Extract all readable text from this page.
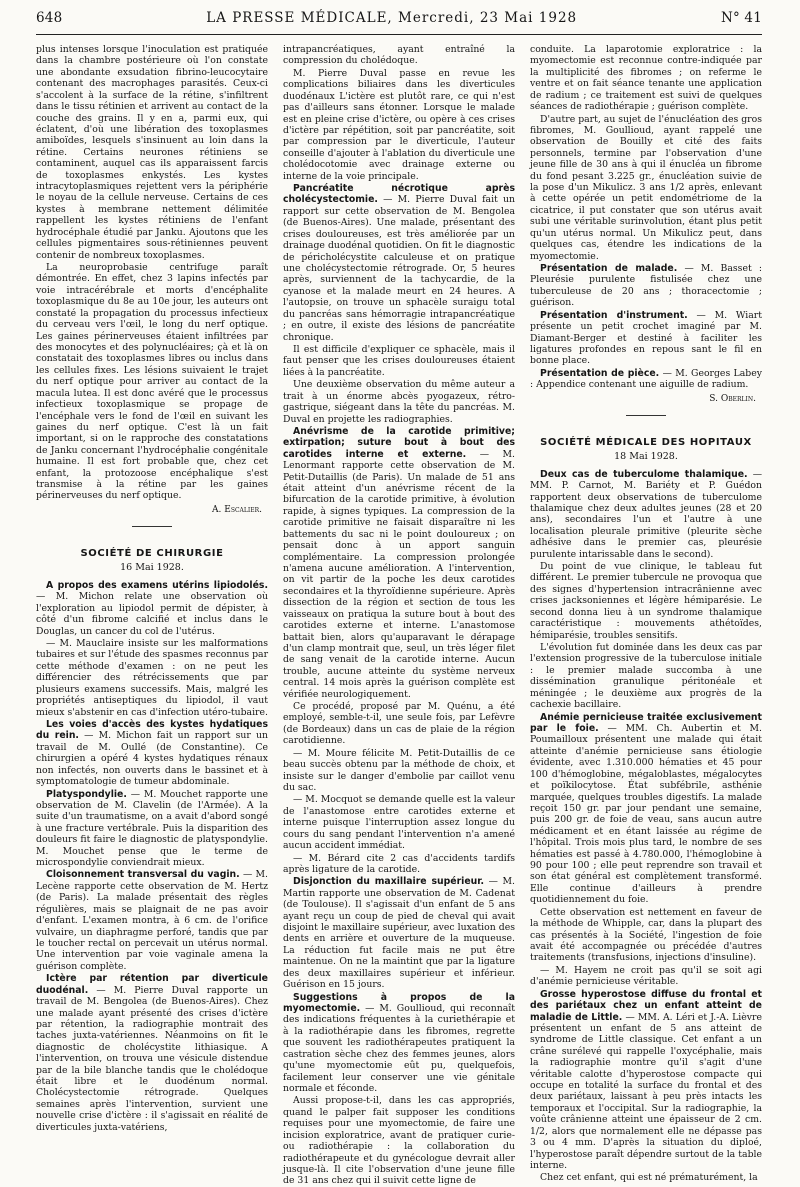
648	LA PRESSE MÉDICALE, Mercredi, 23 Mai 1928	N° 41

plus intenses lorsque l'inoculation est pratiquée dans la chambre postérieure où l'on constate une abondante exsudation fibrino-leucocytaire contenant des macrophages parasités. Ceux-ci s'accolent à la surface de la rétine, s'infiltrent dans le tissu rétinien et arrivent au contact de la couche des grains. Il y en a, parmi eux, qui éclatent, d'où une libération des toxoplasmes amiboïdes, lesquels s'insinuent au loin dans la rétine. Certains neurones rétiniens se contaminent, auquel cas ils apparaissent farcis de toxoplasmes enkystés. Les kystes intracytoplasmiques rejettent vers la périphérie le noyau de la cellule nerveuse. Certains de ces kystes à membrane nettement délimitée rappellent les kystes rétiniens de l'enfant hydrocéphale étudié par Janku. Ajoutons que les cellules pigmentaires sous-rétiniennes peuvent contenir de nombreux toxoplasmes.

La neuroprobasie centrifuge paraît démontrée. En effet, chez 3 lapins infectés par voie intracérébrale et morts d'encéphalite toxoplasmique du 8e au 10e jour, les auteurs ont constaté la propagation du processus infectieux du cerveau vers l'œil, le long du nerf optique. Les gaines périnerveuses étaient infiltrées par des monocytes et des polynucléaires; çà et là on constatait des toxoplasmes libres ou inclus dans les cellules fixes. Les lésions suivaient le trajet du nerf optique pour arriver au contact de la macula lutea. Il est donc avéré que le processus infectieux toxoplasmique se propage de l'encéphale vers le fond de l'œil en suivant les gaines du nerf optique. C'est là un fait important, si on le rapproche des constatations de Janku concernant l'hydrocéphalie congénitale humaine. Il est fort probable que, chez cet enfant, la protozoose encéphalique s'est transmise à la rétine par les gaines périnerveuses du nerf optique.

A. Escalier.
SOCIÉTÉ DE CHIRURGIE
16 Mai 1928.

A propos des examens utérins lipiodolés. — M. Michon relate une observation où l'exploration au lipiodol permit de dépister, à côté d'un fibrome calcifié et inclus dans le Douglas, un cancer du col de l'utérus.

— M. Mauclaire insiste sur les malformations tubaires et sur l'étude des spasmes reconnus par cette méthode d'examen : on ne peut les différencier des rétrécissements que par plusieurs examens successifs. Mais, malgré les propriétés antiseptiques du lipiodol, il vaut mieux s'abstenir en cas d'infection utéro-tubaire.

Les voies d'accès des kystes hydatiques du rein. — M. Michon fait un rapport sur un travail de M. Oullé (de Constantine). Ce chirurgien a opéré 4 kystes hydatiques rénaux non infectés, non ouverts dans le bassinet et à symptomatologie de tumeur abdominale.

Platyspondylie. — M. Mouchet rapporte une observation de M. Clavelin (de l'Armée). A la suite d'un traumatisme, on a avait d'abord songé à une fracture vertébrale. Puis la disparition des douleurs fit faire le diagnostic de platyspondylie. M. Mouchet pense que le terme de microspondylie conviendrait mieux.

Cloisonnement transversal du vagin. — M. Lecène rapporte cette observation de M. Hertz (de Paris). La malade présentait des règles régulières, mais se plaignait de ne pas avoir d'enfant. L'examen montra, à 6 cm. de l'orifice vulvaire, un diaphragme perforé, tandis que par le toucher rectal on percevait un utérus normal. Une intervention par voie vaginale amena la guérison complète.

Ictère par rétention par diverticule duodénal. — M. Pierre Duval rapporte un travail de M. Bengolea (de Buenos-Aires). Chez une malade ayant présenté des crises d'ictère par rétention, la radiographie montrait des taches juxta-vatériennes. Néanmoins on fit le diagnostic de cholécystite lithiasique. A l'intervention, on trouva une vésicule distendue par de la bile blanche tandis que le cholédoque était libre et le duodénum normal. Cholécystectomie rétrograde. Quelques semaines après l'intervention, survient une nouvelle crise d'ictère : il s'agissait en réalité de diverticules juxta-vatériens,

intrapancréatiques, ayant entraîné la compression du cholédoque.

M. Pierre Duval passe en revue les complications biliaires dans les diverticules duodénaux L'ictère est plutôt rare, ce qui n'est pas d'ailleurs sans étonner. Lorsque le malade est en pleine crise d'ictère, ou opère à ces crises d'ictère par répétition, soit par pancréatite, soit par compression par le diverticule, l'auteur conseille d'ajouter à l'ablation du diverticule une cholédocotomie avec drainage externe ou interne de la voie principale.

Pancréatite nécrotique après cholécystectomie. — M. Pierre Duval fait un rapport sur cette observation de M. Bengolea (de Buenos-Aires). Une malade, présentant des crises douloureuses, est très améliorée par un drainage duodénal quotidien. On fit le diagnostic de péricholécystite calculeuse et on pratique une cholécystectomie rétrograde. Or, 5 heures après, surviennent de la tachycardie, de la cyanose et la malade meurt en 24 heures. A l'autopsie, on trouve un sphacèle suraigu total du pancréas sans hémorragie intrapancréatique ; en outre, il existe des lésions de pancréatite chronique.

Il est difficile d'expliquer ce sphacèle, mais il faut penser que les crises douloureuses étaient liées à la pancréatite.

Une deuxième observation du même auteur a trait à un énorme abcès pyogazeux, rétro-gastrique, siégeant dans la tête du pancréas. M. Duval en projette les radiographies.

Anévrisme de la carotide primitive; extirpation; suture bout à bout des carotides interne et externe. — M. Lenormant rapporte cette observation de M. Petit-Dutaillis (de Paris). Un malade de 51 ans était atteint d'un anévrisme récent de la bifurcation de la carotide primitive, à évolution rapide, à signes typiques. La compression de la carotide primitive ne faisait disparaître ni les battements du sac ni le point douloureux ; on pensait donc à un apport sanguin complémentaire. La compression prolongée n'amena aucune amélioration. A l'intervention, on vit partir de la poche les deux carotides secondaires et la thyroïdienne supérieure. Après dissection de la région et section de tous les vaisseaux on pratiqua la suture bout à bout des carotides externe et interne. L'anastomose battait bien, alors qu'auparavant le dérapage d'un clamp montrait que, seul, un très léger filet de sang venait de la carotide interne. Aucun trouble, aucune atteinte du système nerveux central. 14 mois après la guérison complète est vérifiée neurologiquement.

Ce procédé, proposé par M. Quénu, a été employé, semble-t-il, une seule fois, par Lefèvre (de Bordeaux) dans un cas de plaie de la région carotidienne.

— M. Moure félicite M. Petit-Dutaillis de ce beau succès obtenu par la méthode de choix, et insiste sur le danger d'embolie par caillot venu du sac.

— M. Mocquot se demande quelle est la valeur de l'anastomose entre carotides externe et interne puisque l'interruption assez longue du cours du sang pendant l'intervention n'a amené aucun accident immédiat.

— M. Bérard cite 2 cas d'accidents tardifs après ligature de la carotide.

Disjonction du maxillaire supérieur. — M. Martin rapporte une observation de M. Cadenat (de Toulouse). Il s'agissait d'un enfant de 5 ans ayant reçu un coup de pied de cheval qui avait disjoint le maxillaire supérieur, avec luxation des dents en arrière et ouverture de la muqueuse. La réduction fut facile mais ne put être maintenue. On ne la maintint que par la ligature des deux maxillaires supérieur et inférieur. Guérison en 15 jours.

Suggestions à propos de la myomectomie. — M. Goullioud, qui reconnaît des indications fréquentes à la curiethérapie et à la radiothérapie dans les fibromes, regrette que souvent les radiothérapeutes pratiquent la castration sèche chez des femmes jeunes, alors qu'une myomectomie eût pu, quelquefois, facilement leur conserver une vie génitale normale et féconde.

Aussi propose-t-il, dans les cas appropriés, quand le palper fait supposer les conditions requises pour une myomectomie, de faire une incision exploratrice, avant de pratiquer curie- ou radiothérapie : la collaboration du radiothérapeute et du gynécologue devrait aller jusque-là. Il cite l'observation d'une jeune fille de 31 ans chez qui il suivit cette ligne de

conduite. La laparotomie exploratrice : la myomectomie est reconnue contre-indiquée par la multiplicité des fibromes ; on referme le ventre et on fait séance tenante une application de radium ; ce traitement est suivi de quelques séances de radiothérapie ; guérison complète.

D'autre part, au sujet de l'énucléation des gros fibromes, M. Goullioud, ayant rappelé une observation de Bouilly et cité des faits personnels, termine par l'observation d'une jeune fille de 30 ans à qui il énucléa un fibrome du fond pesant 3.225 gr., énucléation suivie de la pose d'un Mikulicz. 3 ans 1/2 après, enlevant à cette opérée un petit endométriome de la cicatrice, il put constater que son utérus avait subi une véritable surinvolution, étant plus petit qu'un utérus normal. Un Mikulicz peut, dans quelques cas, étendre les indications de la myomectomie.

Présentation de malade. — M. Basset : Pleurésie purulente fistulisée chez une tuberculeuse de 20 ans ; thoracectomie ; guérison.

Présentation d'instrument. — M. Wiart présente un petit crochet imaginé par M. Diamant-Berger et destiné à faciliter les ligatures profondes en repous sant le fil en bonne place.

Présentation de pièce. — M. Georges Labey : Appendice contenant une aiguille de radium.

S. Oberlin.
SOCIÉTÉ MÉDICALE DES HOPITAUX
18 Mai 1928.

Deux cas de tuberculome thalamique. — MM. P. Carnot, M. Bariéty et P. Guédon rapportent deux observations de tuberculome thalamique chez deux adultes jeunes (28 et 20 ans), secondaires l'un et l'autre à une localisation pleurale primitive (pleurite sèche adhésive dans le premier cas, pleurésie purulente intarissable dans le second).

Du point de vue clinique, le tableau fut différent. Le premier tubercule ne provoqua que des signes d'hypertension intracrânienne avec crises jacksoniennes et légère hémiparésie. Le second donna lieu à un syndrome thalamique caractéristique : mouvements athétoïdes, hémiparésie, troubles sensitifs.

L'évolution fut dominée dans les deux cas par l'extension progressive de la tuberculose initiale : le premier malade succomba à une dissémination granulique péritonéale et méningée ; le deuxième aux progrès de la cachexie bacillaire.

Anémie pernicieuse traitée exclusivement par le foie. — MM. Ch. Aubertin et M. Poumailloux présentent une malade qui était atteinte d'anémie pernicieuse sans étiologie évidente, avec 1.310.000 hématies et 45 pour 100 d'hémoglobine, mégaloblastes, mégalocytes et poïkilocytose. État subfébrile, asthénie marquée, quelques troubles digestifs. La malade reçoit 150 gr. par jour pendant une semaine, puis 200 gr. de foie de veau, sans aucun autre médicament et en étant laissée au régime de l'hôpital. Trois mois plus tard, le nombre de ses hématies est passé à 4.780.000, l'hémoglobine à 90 pour 100 ; elle peut reprendre son travail et son état général est complètement transformé. Elle continue d'ailleurs à prendre quotidiennement du foie.

Cette observation est nettement en faveur de la méthode de Whipple, car, dans la plupart des cas présentés à la Société, l'ingestion de foie avait été accompagnée ou précédée d'autres traitements (transfusions, injections d'insuline).

— M. Hayem ne croit pas qu'il se soit agi d'anémie pernicieuse véritable.

Grosse hyperostose diffuse du frontal et des pariétaux chez un enfant atteint de maladie de Little. — MM. A. Léri et J.-A. Lièvre présentent un enfant de 5 ans atteint de syndrome de Little classique. Cet enfant a un crâne surélevé qui rappelle l'oxycéphalie, mais la radiographie montre qu'il s'agit d'une véritable calotte d'hyperostose compacte qui occupe en totalité la surface du frontal et des deux pariétaux, laissant à peu près intacts les temporaux et l'occipital. Sur la radiographie, la voûte crânienne atteint une épaisseur de 2 cm. 1/2, alors que normalement elle ne dépasse pas 3 ou 4 mm. D'après la situation du diploé, l'hyperostose paraît dépendre surtout de la table interne.

Chez cet enfant, qui est né prématurément, la
